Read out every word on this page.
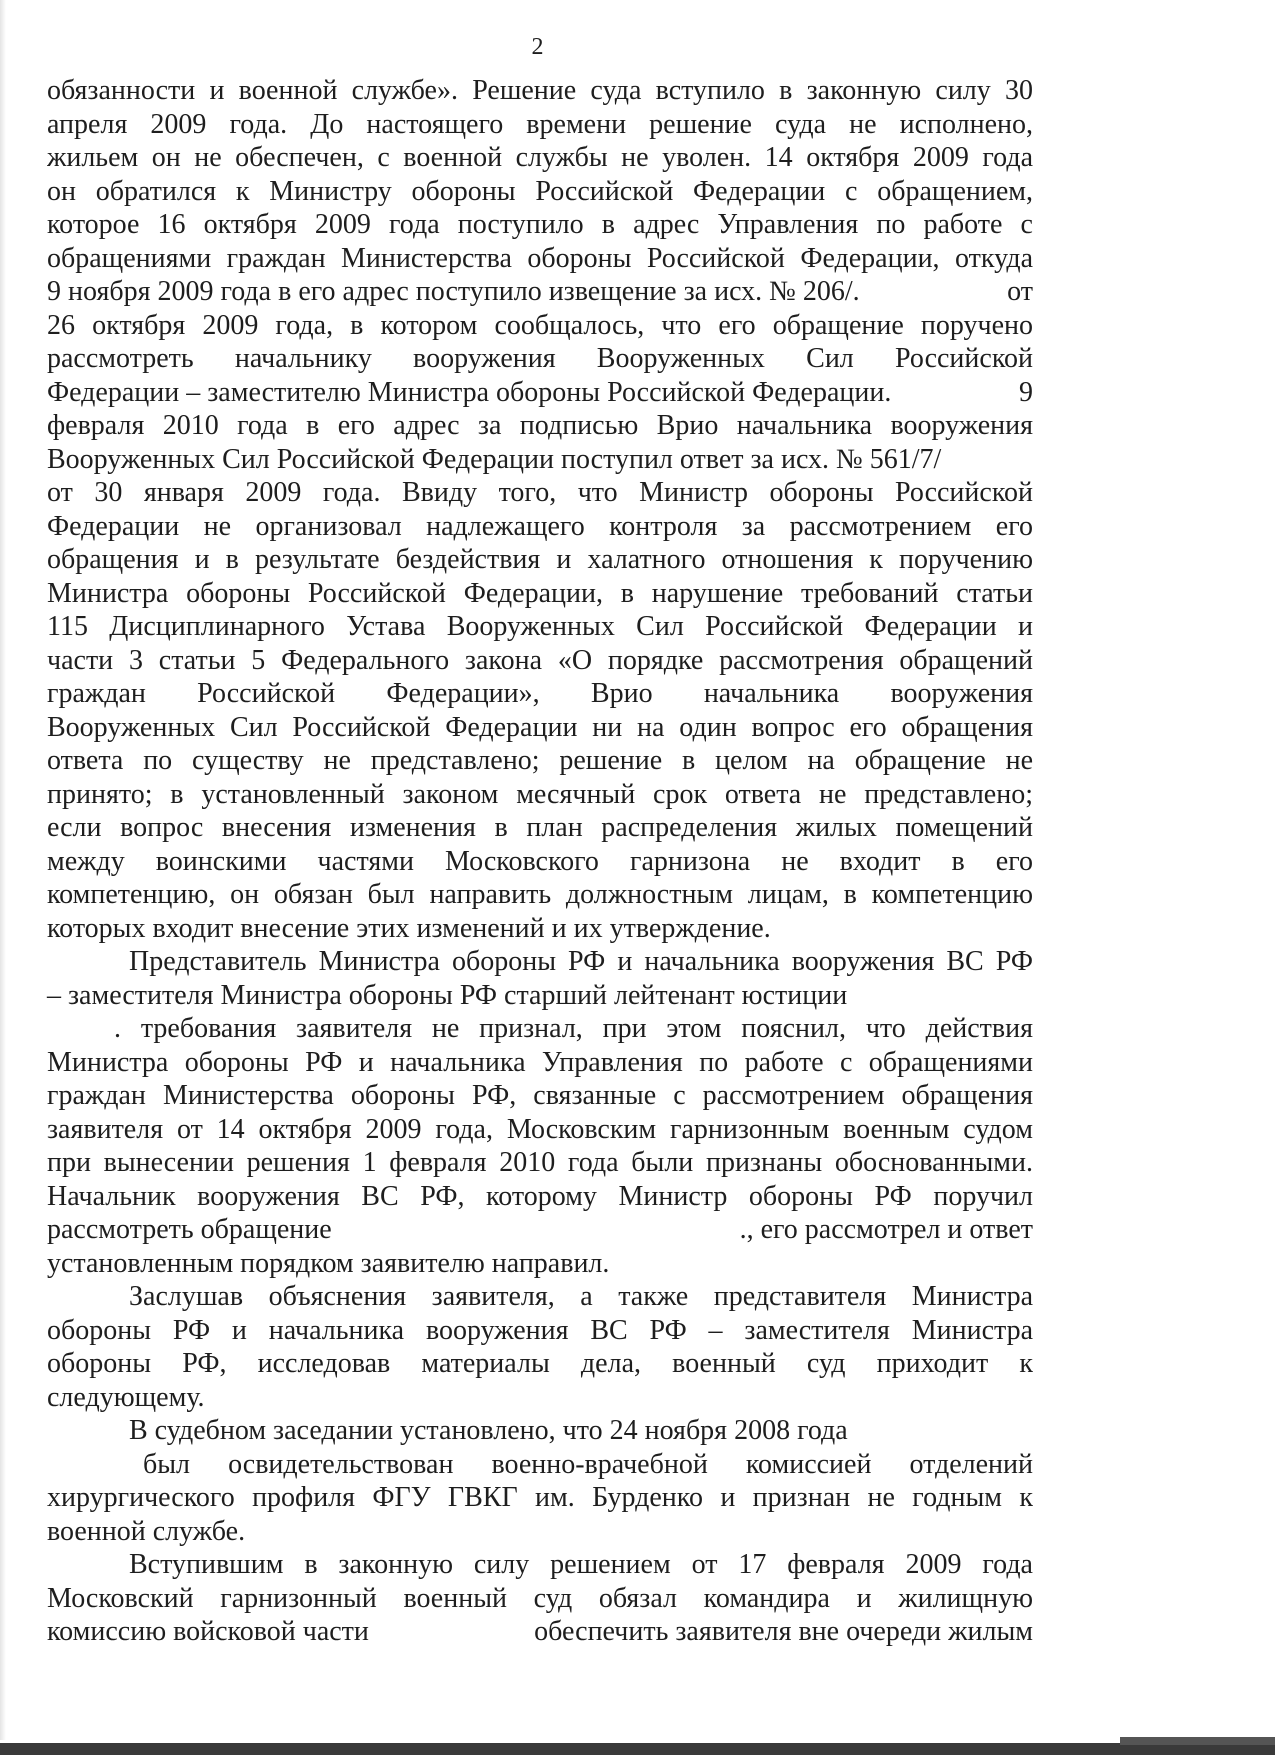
2
обязанности и военной службе». Решение суда вступило в законную силу 30
апреля 2009 года. До настоящего времени решение суда не исполнено,
жильем он не обеспечен, с военной службы не уволен. 14 октября 2009 года
он обратился к Министру обороны Российской Федерации с обращением,
которое 16 октября 2009 года поступило в адрес Управления по работе с
обращениями граждан Министерства обороны Российской Федерации, откуда
9 ноября 2009 года в его адрес поступило извещение за исх. № 206/.	от
26 октября 2009 года, в котором сообщалось, что его обращение поручено
рассмотреть начальнику вооружения Вооруженных Сил Российской
Федерации – заместителю Министра обороны Российской Федерации.	9
февраля 2010 года в его адрес за подписью Врио начальника вооружения
Вооруженных Сил Российской Федерации поступил ответ за исх. № 561/7/
от 30 января 2009 года. Ввиду того, что Министр обороны Российской
Федерации не организовал надлежащего контроля за рассмотрением его
обращения и в результате бездействия и халатного отношения к поручению
Министра обороны Российской Федерации, в нарушение требований статьи
115 Дисциплинарного Устава Вооруженных Сил Российской Федерации и
части 3 статьи 5 Федерального закона «О порядке рассмотрения обращений
граждан Российской Федерации», Врио начальника вооружения
Вооруженных Сил Российской Федерации ни на один вопрос его обращения
ответа по существу не представлено; решение в целом на обращение не
принято; в установленный законом месячный срок ответа не представлено;
если вопрос внесения изменения в план распределения жилых помещений
между воинскими частями Московского гарнизона не входит в его
компетенцию, он обязан был направить должностным лицам, в компетенцию
которых входит внесение этих изменений и их утверждение.
Представитель Министра обороны РФ и начальника вооружения ВС РФ
– заместителя Министра обороны РФ старший лейтенант юстиции
. требования заявителя не признал, при этом пояснил, что действия
Министра обороны РФ и начальника Управления по работе с обращениями
граждан Министерства обороны РФ, связанные с рассмотрением обращения
заявителя от 14 октября 2009 года, Московским гарнизонным военным судом
при вынесении решения 1 февраля 2010 года были признаны обоснованными.
Начальник вооружения ВС РФ, которому Министр обороны РФ поручил
рассмотреть обращение	., его рассмотрел и ответ
установленным порядком заявителю направил.
Заслушав объяснения заявителя, а также представителя Министра
обороны РФ и начальника вооружения ВС РФ – заместителя Министра
обороны РФ, исследовав материалы дела, военный суд приходит к
следующему.
В судебном заседании установлено, что 24 ноября 2008 года
был освидетельствован военно-врачебной комиссией отделений
хирургического профиля ФГУ ГВКГ им. Бурденко и признан не годным к
военной службе.
Вступившим в законную силу решением от 17 февраля 2009 года
Московский гарнизонный военный суд обязал командира и жилищную
комиссию войсковой части	обеспечить заявителя вне очереди жилым
